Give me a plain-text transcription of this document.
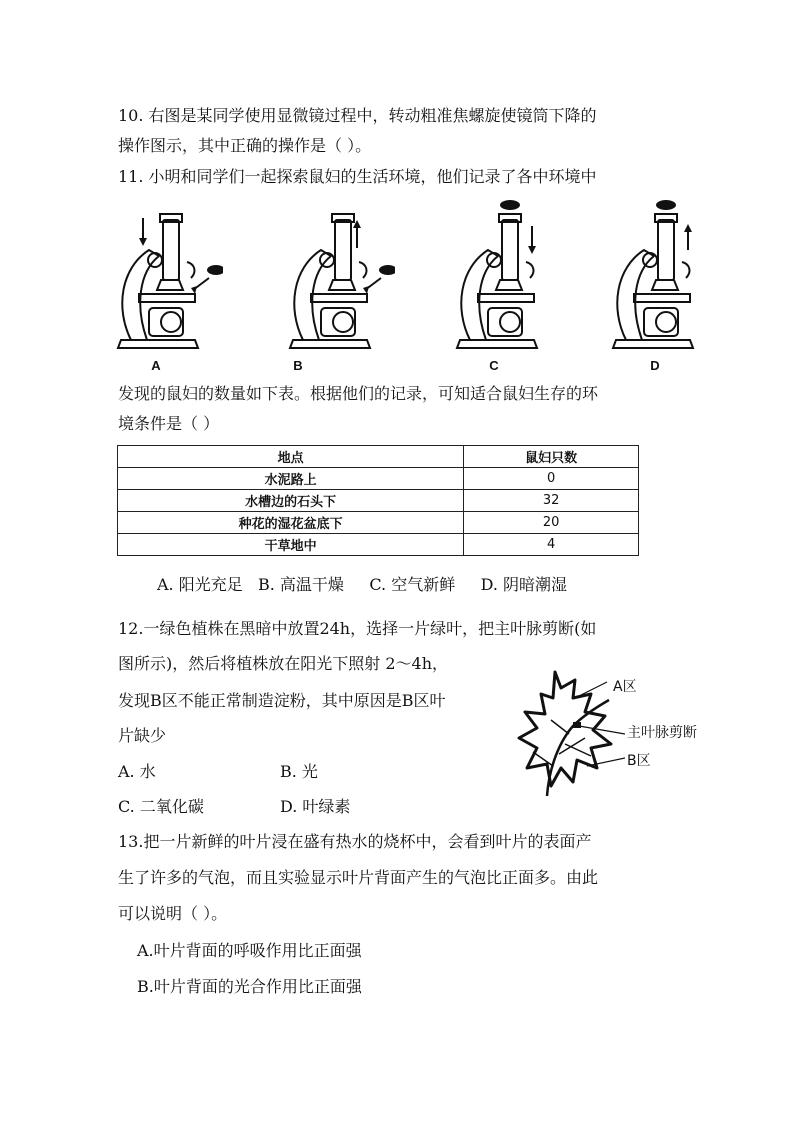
10. 右图是某同学使用显微镜过程中，转动粗准焦螺旋使镜筒下降的
操作图示，其中正确的操作是（ ）。
11. 小明和同学们一起探索鼠妇的生活环境，他们记录了各中环境中
A	B	C	D
发现的鼠妇的数量如下表。根据他们的记录，可知适合鼠妇生存的环
境条件是（ ）
地点	鼠妇只数
水泥路上	0
水槽边的石头下	32
种花的湿花盆底下	20
干草地中	4
A. 阳光充足   B. 高温干燥     C. 空气新鲜     D. 阴暗潮湿
12.一绿色植株在黑暗中放置24h，选择一片绿叶，把主叶脉剪断(如
图所示)，然后将植株放在阳光下照射 2～4h，
发现B区不能正常制造淀粉，其中原因是B区叶
片缺少
A. 水	B. 光
C. 二氧化碳	D. 叶绿素
A区
主叶脉剪断
B区
13.把一片新鲜的叶片浸在盛有热水的烧杯中，会看到叶片的表面产
生了许多的气泡，而且实验显示叶片背面产生的气泡比正面多。由此
可以说明（ ）。
A.叶片背面的呼吸作用比正面强
B.叶片背面的光合作用比正面强
